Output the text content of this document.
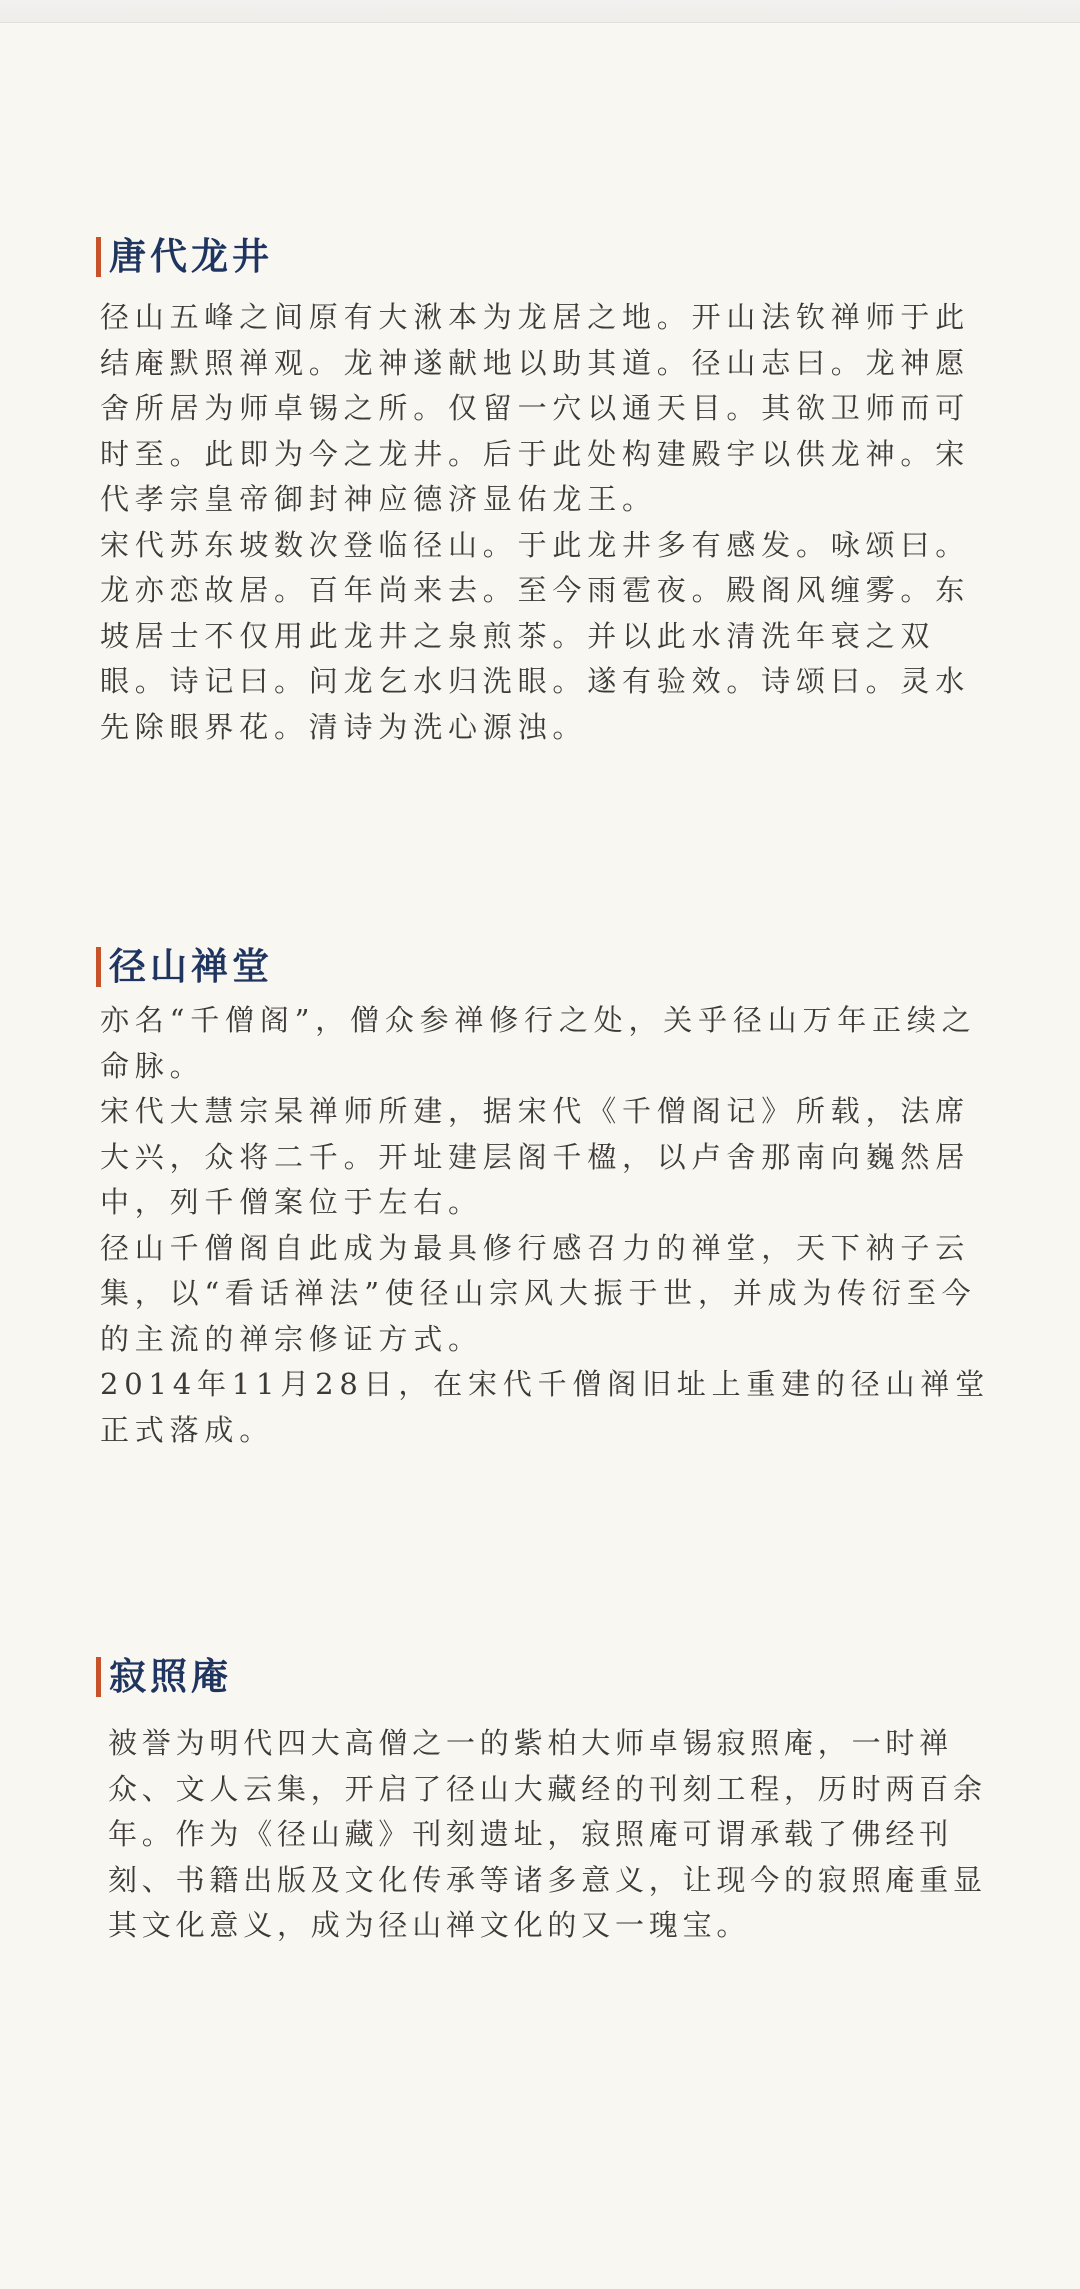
唐代龙井

径山五峰之间原有大湫本为龙居之地。开山法钦禅师于此结庵默照禅观。龙神遂献地以助其道。径山志曰。龙神愿舍所居为师卓锡之所。仅留一穴以通天目。其欲卫师而可时至。此即为今之龙井。后于此处构建殿宇以供龙神。宋代孝宗皇帝御封神应德济显佑龙王。

宋代苏东坡数次登临径山。于此龙井多有感发。咏颂曰。龙亦恋故居。百年尚来去。至今雨雹夜。殿阁风缠雾。东坡居士不仅用此龙井之泉煎茶。并以此水清洗年衰之双眼。诗记曰。问龙乞水归洗眼。遂有验效。诗颂曰。灵水先除眼界花。清诗为洗心源浊。

径山禅堂

亦名“千僧阁”，僧众参禅修行之处，关乎径山万年正续之命脉。

宋代大慧宗杲禅师所建，据宋代《千僧阁记》所载，法席大兴，众将二千。开址建层阁千楹，以卢舍那南向巍然居中，列千僧案位于左右。

径山千僧阁自此成为最具修行感召力的禅堂，天下衲子云集，以“看话禅法”使径山宗风大振于世，并成为传衍至今的主流的禅宗修证方式。

2014年11月28日，在宋代千僧阁旧址上重建的径山禅堂正式落成。

寂照庵

被誉为明代四大高僧之一的紫柏大师卓锡寂照庵，一时禅众、文人云集，开启了径山大藏经的刊刻工程，历时两百余年。作为《径山藏》刊刻遗址，寂照庵可谓承载了佛经刊刻、书籍出版及文化传承等诸多意义，让现今的寂照庵重显其文化意义，成为径山禅文化的又一瑰宝。
